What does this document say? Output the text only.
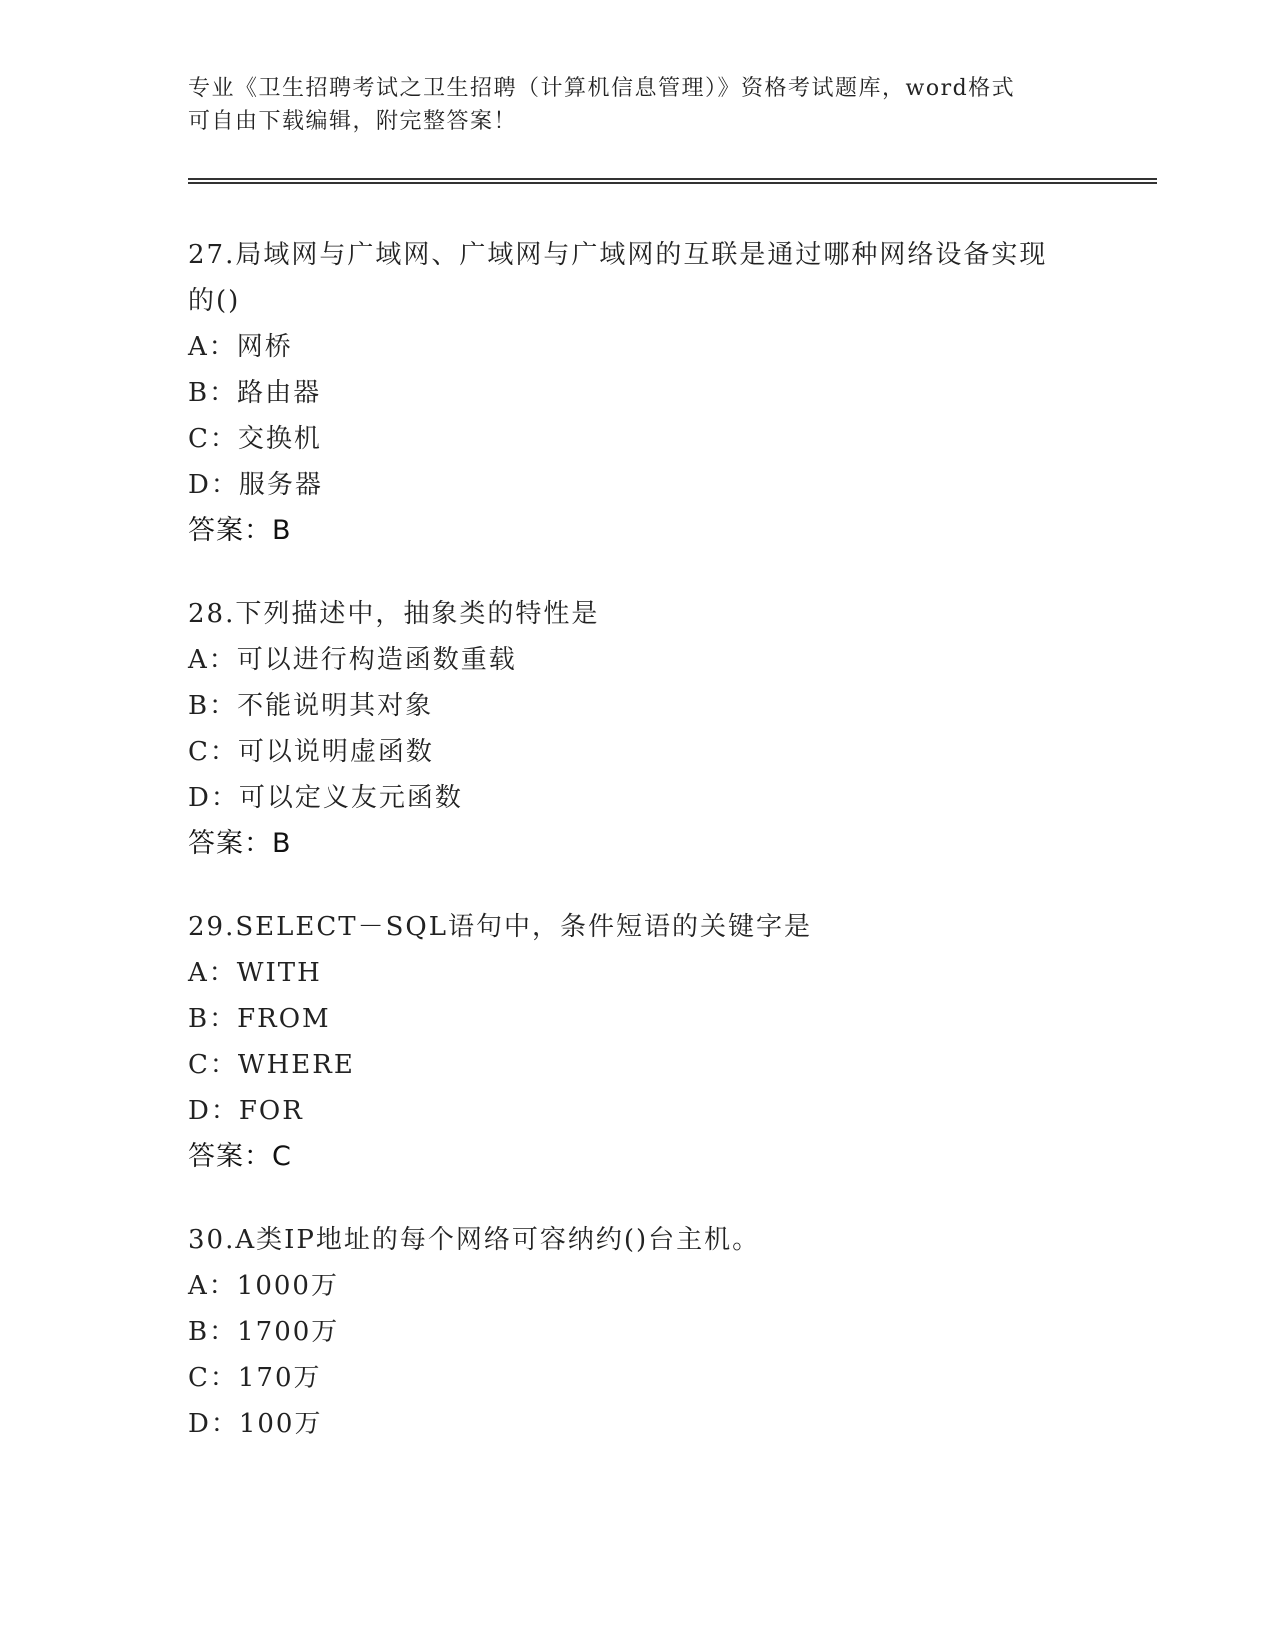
专业《卫生招聘考试之卫生招聘（计算机信息管理）》资格考试题库，word格式
可自由下载编辑，附完整答案！
27.局域网与广域网、广域网与广域网的互联是通过哪种网络设备实现
的()
A：网桥
B：路由器
C：交换机
D：服务器
答案：B
28.下列描述中，抽象类的特性是
A：可以进行构造函数重载
B：不能说明其对象
C：可以说明虚函数
D：可以定义友元函数
答案：B
29.SELECT－SQL语句中，条件短语的关键字是
A：WITH
B：FROM
C：WHERE
D：FOR
答案：C
30.A类IP地址的每个网络可容纳约()台主机。
A：1000万
B：1700万
C：170万
D：100万
